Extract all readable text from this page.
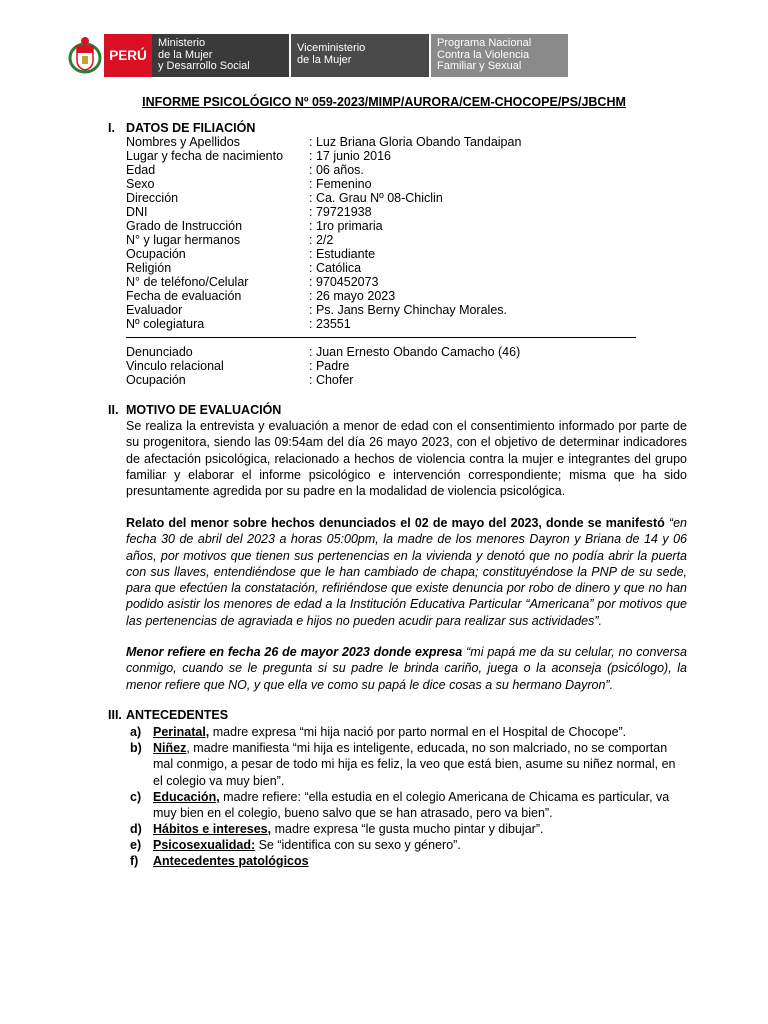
PERÚ
Ministerio
de la Mujer
y Desarrollo Social
Viceministerio
de la Mujer
Programa Nacional
Contra la Violencia
Familiar y Sexual
INFORME PSICOLÓGICO Nº 059-2023/MIMP/AURORA/CEM-CHOCOPE/PS/JBCHM
I. DATOS DE FILIACIÓN
Nombres y Apellidos	: Luz Briana Gloria Obando Tandaipan
Lugar y fecha de nacimiento : 17 junio 2016
Edad	: 06 años.
Sexo	: Femenino
Dirección	: Ca. Grau Nº 08-Chiclin
DNI	: 79721938
Grado de Instrucción	: 1ro primaria
N° y lugar hermanos	: 2/2
Ocupación	: Estudiante
Religión	: Católica
N° de teléfono/Celular	: 970452073
Fecha de evaluación	: 26 mayo 2023
Evaluador	: Ps. Jans Berny Chinchay Morales.
Nº colegiatura	: 23551
Denunciado	: Juan Ernesto Obando Camacho (46)
Vinculo relacional	: Padre
Ocupación	: Chofer
II. MOTIVO DE EVALUACIÓN
Se realiza la entrevista y evaluación a menor de edad con el consentimiento informado por parte de su progenitora, siendo las 09:54am del día 26 mayo 2023, con el objetivo de determinar indicadores de afectación psicológica, relacionado a hechos de violencia contra la mujer e integrantes del grupo familiar y elaborar el informe psicológico e intervención correspondiente; misma que ha sido presuntamente agredida por su padre en la modalidad de violencia psicológica.
Relato del menor sobre hechos denunciados el 02 de mayo del 2023, donde se manifestó “en fecha 30 de abril del 2023 a horas 05:00pm, la madre de los menores Dayron y Briana de 14 y 06 años, por motivos que tienen sus pertenencias en la vivienda y denotó que no podía abrir la puerta con sus llaves, entendiéndose que le han cambiado de chapa; constituyéndose la PNP de su sede, para que efectúen la constatación, refiriéndose que existe denuncia por robo de dinero y que no han podido asistir los menores de edad a la Institución Educativa Particular “Americana” por motivos que las pertenencias de agraviada e hijos no pueden acudir para realizar sus actividades”.
Menor refiere en fecha 26 de mayor 2023 donde expresa “mi papá me da su celular, no conversa conmigo, cuando se le pregunta si su padre le brinda cariño, juega o la aconseja (psicólogo), la menor refiere que NO, y que ella ve como su papá le dice cosas a su hermano Dayron”.
III. ANTECEDENTES
a) Perinatal, madre expresa “mi hija nació por parto normal en el Hospital de Chocope”.
b) Niñez, madre manifiesta “mi hija es inteligente, educada, no son malcriado, no se comportan mal conmigo, a pesar de todo mi hija es feliz, la veo que está bien, asume su niñez normal, en el colegio va muy bien”.
c) Educación, madre refiere: “ella estudia en el colegio Americana de Chicama es particular, va muy bien en el colegio, bueno salvo que se han atrasado, pero va bien”.
d) Hábitos e intereses, madre expresa “le gusta mucho pintar y dibujar”.
e) Psicosexualidad: Se “identifica con su sexo y género”.
f) Antecedentes patológicos
